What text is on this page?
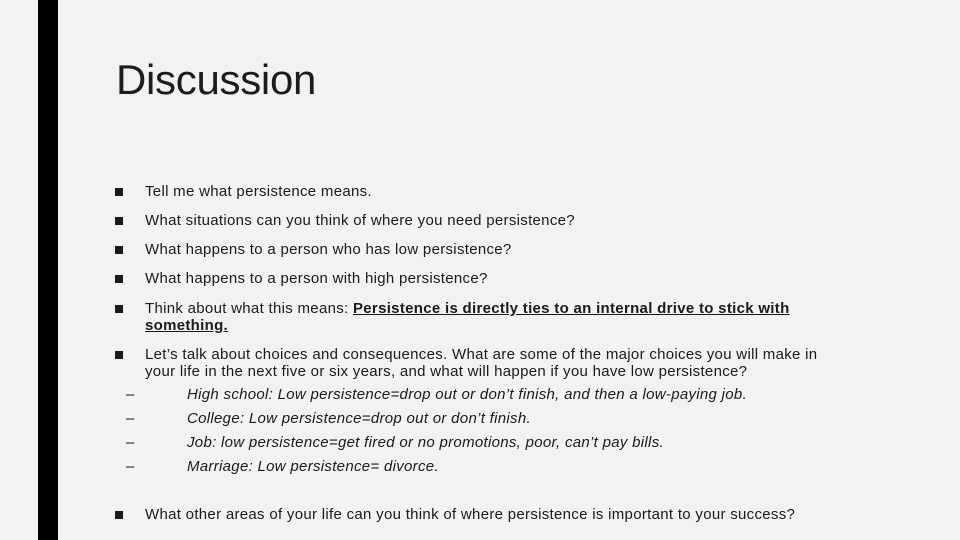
Discussion
Tell me what persistence means.
What situations can you think of where you need persistence?
What happens to a person who has low persistence?
What happens to a person with high persistence?
Think about what this means: Persistence is directly ties to an internal drive to stick with something.
Let’s talk about choices and consequences. What are some of the major choices you will make in your life in the next five or six years, and what will happen if you have low persistence?
–	High school: Low persistence=drop out or don’t finish, and then a low-paying job.
–	College: Low persistence=drop out or don’t finish.
–	Job: low persistence=get fired or no promotions, poor, can’t pay bills.
–	Marriage: Low persistence= divorce.
What other areas of your life can you think of where persistence is important to your success?
